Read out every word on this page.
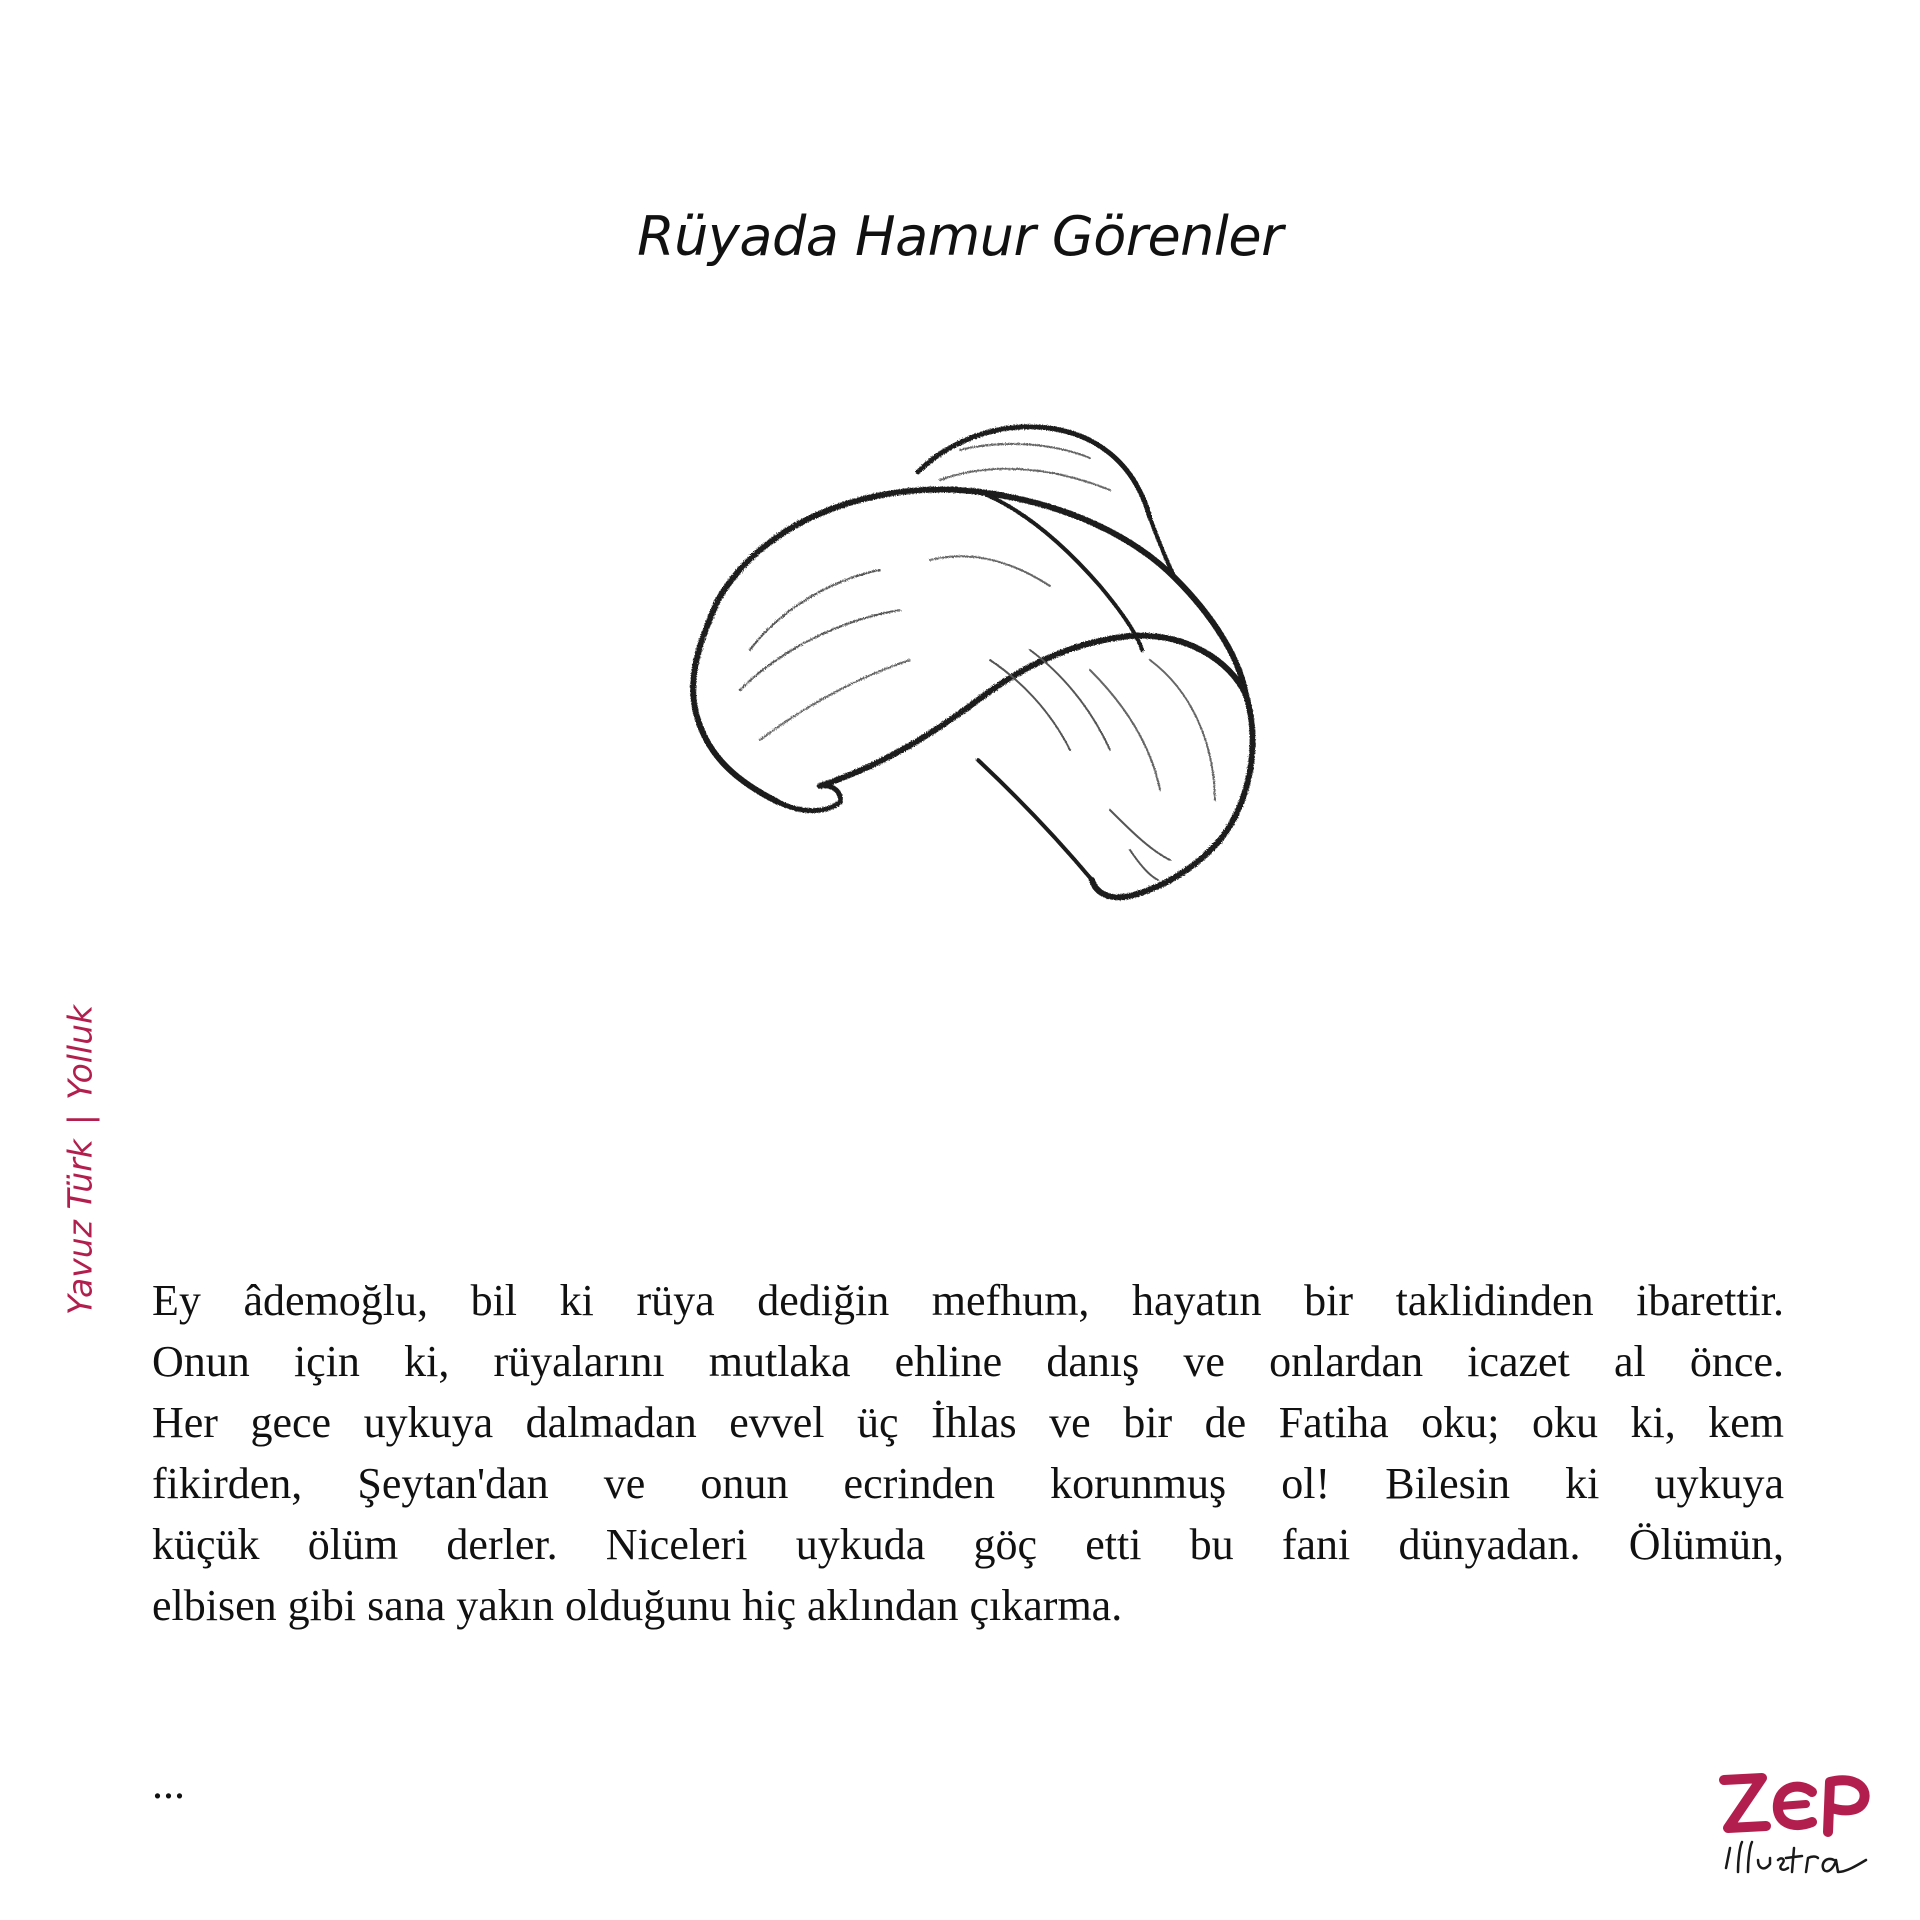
Rüyada Hamur Görenler
Yavuz Türk|Yolluk
Ey âdemoğlu, bil ki rüya dediğin mefhum, hayatın bir taklidinden ibarettir.
Onun için ki, rüyalarını mutlaka ehline danış ve onlardan icazet al önce.
Her gece uykuya dalmadan evvel üç İhlas ve bir de Fatiha oku; oku ki, kem
fikirden, Şeytan'dan ve onun ecrinden korunmuş ol! Bilesin ki uykuya
küçük ölüm derler. Niceleri uykuda göç etti bu fani dünyadan. Ölümün,
elbisen gibi sana yakın olduğunu hiç aklından çıkarma.
...
